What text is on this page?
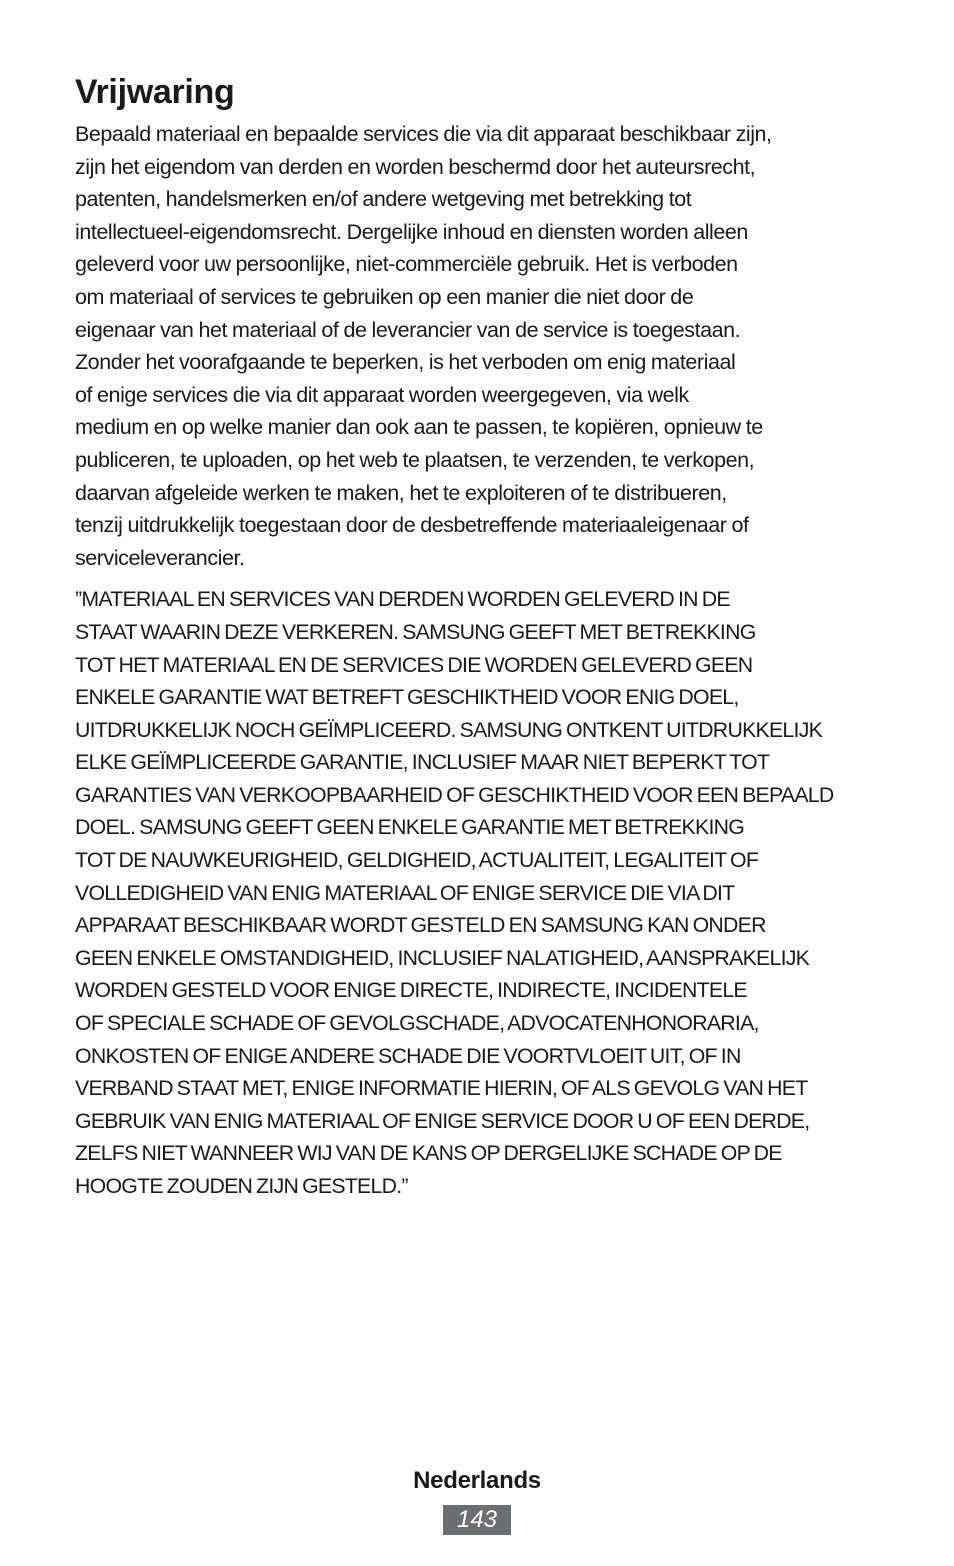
Vrijwaring

Bepaald materiaal en bepaalde services die via dit apparaat beschikbaar zijn,
zijn het eigendom van derden en worden beschermd door het auteursrecht,
patenten, handelsmerken en/of andere wetgeving met betrekking tot
intellectueel-eigendomsrecht. Dergelijke inhoud en diensten worden alleen
geleverd voor uw persoonlijke, niet-commerciële gebruik. Het is verboden
om materiaal of services te gebruiken op een manier die niet door de
eigenaar van het materiaal of de leverancier van de service is toegestaan.
Zonder het voorafgaande te beperken, is het verboden om enig materiaal
of enige services die via dit apparaat worden weergegeven, via welk
medium en op welke manier dan ook aan te passen, te kopiëren, opnieuw te
publiceren, te uploaden, op het web te plaatsen, te verzenden, te verkopen,
daarvan afgeleide werken te maken, het te exploiteren of te distribueren,
tenzij uitdrukkelijk toegestaan door de desbetreffende materiaaleigenaar of
serviceleverancier.

”MATERIAAL EN SERVICES VAN DERDEN WORDEN GELEVERD IN DE
STAAT WAARIN DEZE VERKEREN. SAMSUNG GEEFT MET BETREKKING
TOT HET MATERIAAL EN DE SERVICES DIE WORDEN GELEVERD GEEN
ENKELE GARANTIE WAT BETREFT GESCHIKTHEID VOOR ENIG DOEL,
UITDRUKKELIJK NOCH GEÏMPLICEERD. SAMSUNG ONTKENT UITDRUKKELIJK
ELKE GEÏMPLICEERDE GARANTIE, INCLUSIEF MAAR NIET BEPERKT TOT
GARANTIES VAN VERKOOPBAARHEID OF GESCHIKTHEID VOOR EEN BEPAALD
DOEL. SAMSUNG GEEFT GEEN ENKELE GARANTIE MET BETREKKING
TOT DE NAUWKEURIGHEID, GELDIGHEID, ACTUALITEIT, LEGALITEIT OF
VOLLEDIGHEID VAN ENIG MATERIAAL OF ENIGE SERVICE DIE VIA DIT
APPARAAT BESCHIKBAAR WORDT GESTELD EN SAMSUNG KAN ONDER
GEEN ENKELE OMSTANDIGHEID, INCLUSIEF NALATIGHEID, AANSPRAKELIJK
WORDEN GESTELD VOOR ENIGE DIRECTE, INDIRECTE, INCIDENTELE
OF SPECIALE SCHADE OF GEVOLGSCHADE, ADVOCATENHONORARIA,
ONKOSTEN OF ENIGE ANDERE SCHADE DIE VOORTVLOEIT UIT, OF IN
VERBAND STAAT MET, ENIGE INFORMATIE HIERIN, OF ALS GEVOLG VAN HET
GEBRUIK VAN ENIG MATERIAAL OF ENIGE SERVICE DOOR U OF EEN DERDE,
ZELFS NIET WANNEER WIJ VAN DE KANS OP DERGELIJKE SCHADE OP DE
HOOGTE ZOUDEN ZIJN GESTELD.”

Nederlands
143
